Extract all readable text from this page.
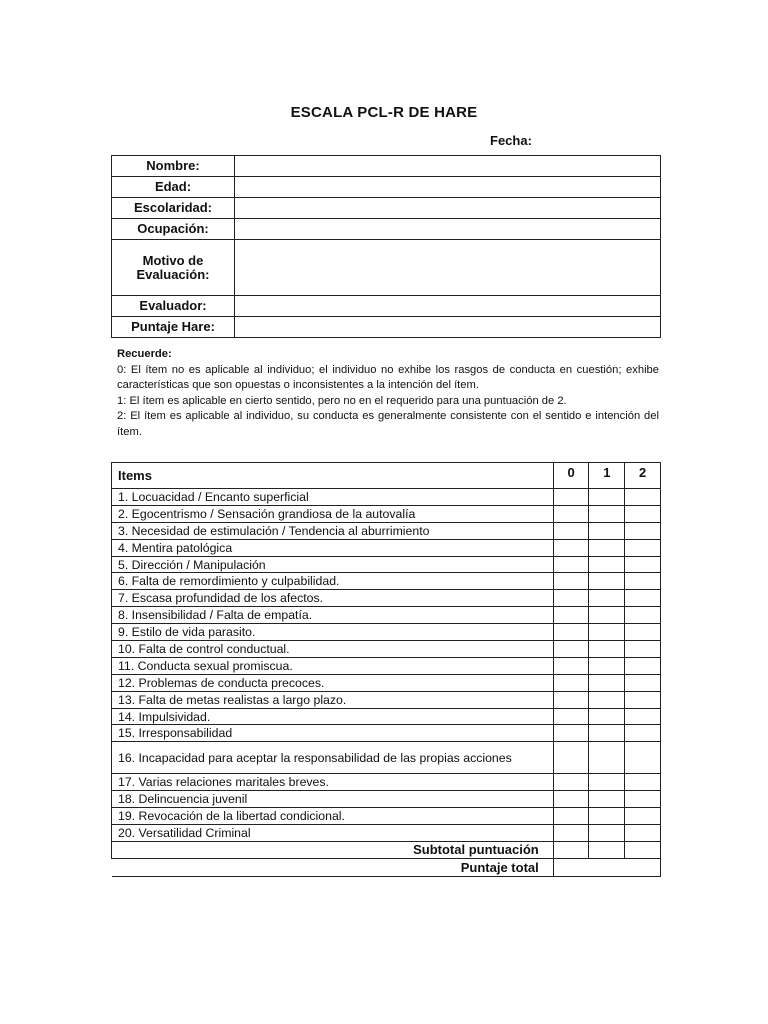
ESCALA PCL-R DE HARE
Fecha:
Nombre:	
Edad:	
Escolaridad:	
Ocupación:	
Motivo de
Evaluación:	
Evaluador:	
Puntaje Hare:	
Recuerde:

0: El ítem no es aplicable al individuo; el individuo no exhibe los rasgos de conducta en cuestión; exhibe características que son opuestas o inconsistentes a la intención del ítem.

1: El ítem es aplicable en cierto sentido, pero no en el requerido para una puntuación de 2.

2: El ítem es aplicable al individuo, su conducta es generalmente consistente con el sentido e intención del ítem.

Items	0	1	2
1. Locuacidad / Encanto superficial			
2. Egocentrismo / Sensación grandiosa de la autovalía			
3. Necesidad de estimulación / Tendencia al aburrimiento			
4. Mentira patológica			
5. Dirección / Manipulación			
6. Falta de remordimiento y culpabilidad.			
7. Escasa profundidad de los afectos.			
8. Insensibilidad / Falta de empatía.			
9. Estilo de vida parasito.			
10. Falta de control conductual.			
11. Conducta sexual promiscua.			
12. Problemas de conducta precoces.			
13. Falta de metas realistas a largo plazo.			
14. Impulsividad.			
15. Irresponsabilidad			
16. Incapacidad para aceptar la responsabilidad de las propias acciones			
17. Varias relaciones maritales breves.			
18. Delincuencia juvenil			
19. Revocación de la libertad condicional.			
20. Versatilidad Criminal			
Subtotal puntuación			
Puntaje total			
